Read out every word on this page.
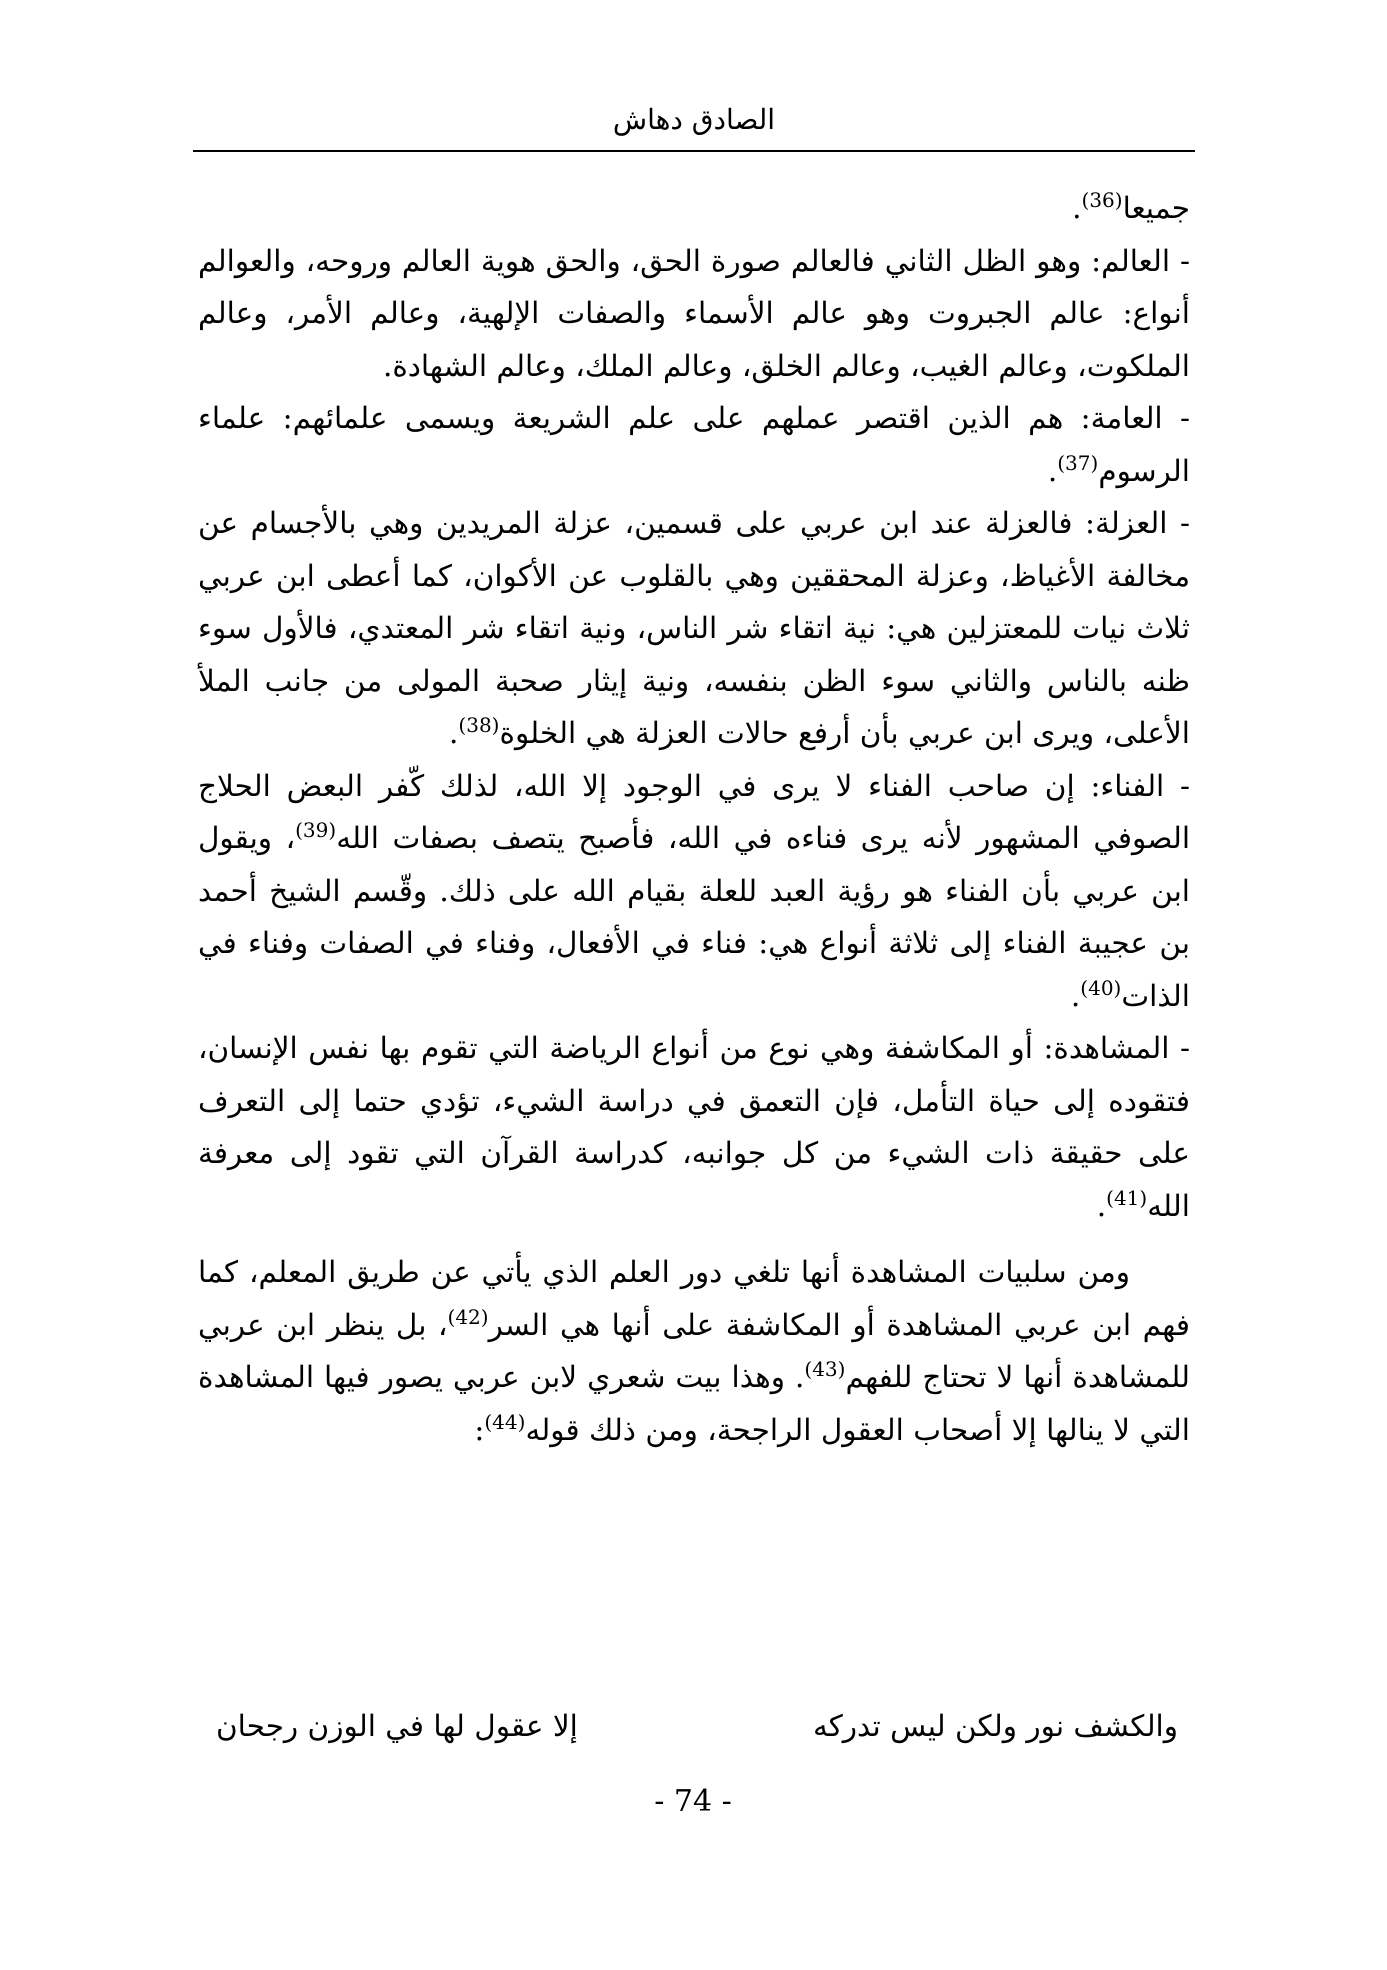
الصادق دهاش

جميعا$^{(36)}$.

- العالم: وهو الظل الثاني فالعالم صورة الحق، والحق هوية العالم وروحه، والعوالم أنواع: عالم الجبروت وهو عالم الأسماء والصفات الإلهية، وعالم الأمر، وعالم الملكوت، وعالم الغيب، وعالم الخلق، وعالم الملك، وعالم الشهادة.

- العامة: هم الذين اقتصر عملهم على علم الشريعة ويسمى علمائهم: علماء الرسوم$^{(37)}$.

- العزلة: فالعزلة عند ابن عربي على قسمين، عزلة المريدين وهي بالأجسام عن مخالفة الأغياظ، وعزلة المحققين وهي بالقلوب عن الأكوان، كما أعطى ابن عربي ثلاث نيات للمعتزلين هي: نية اتقاء شر الناس، ونية اتقاء شر المعتدي، فالأول سوء ظنه بالناس والثاني سوء الظن بنفسه، ونية إيثار صحبة المولى من جانب الملأ الأعلى، ويرى ابن عربي بأن أرفع حالات العزلة هي الخلوة$^{(38)}$.

- الفناء: إن صاحب الفناء لا يرى في الوجود إلا الله، لذلك كّفر البعض الحلاج الصوفي المشهور لأنه يرى فناءه في الله، فأصبح يتصف بصفات الله$^{(39)}$، ويقول ابن عربي بأن الفناء هو رؤية العبد للعلة بقيام الله على ذلك. وقّسم الشيخ أحمد بن عجيبة الفناء إلى ثلاثة أنواع هي: فناء في الأفعال، وفناء في الصفات وفناء في الذات$^{(40)}$.

- المشاهدة: أو المكاشفة وهي نوع من أنواع الرياضة التي تقوم بها نفس الإنسان، فتقوده إلى حياة التأمل، فإن التعمق في دراسة الشيء، تؤدي حتما إلى التعرف على حقيقة ذات الشيء من كل جوانبه، كدراسة القرآن التي تقود إلى معرفة الله$^{(41)}$.

ومن سلبيات المشاهدة أنها تلغي دور العلم الذي يأتي عن طريق المعلم، كما فهم ابن عربي المشاهدة أو المكاشفة على أنها هي السر$^{(42)}$، بل ينظر ابن عربي للمشاهدة أنها لا تحتاج للفهم$^{(43)}$. وهذا بيت شعري لابن عربي يصور فيها المشاهدة التي لا ينالها إلا أصحاب العقول الراجحة، ومن ذلك قوله$^{(44)}$:

والكشف نور ولكن ليس تدركه
إلا عقول لها في الوزن رجحان
- 74 -
